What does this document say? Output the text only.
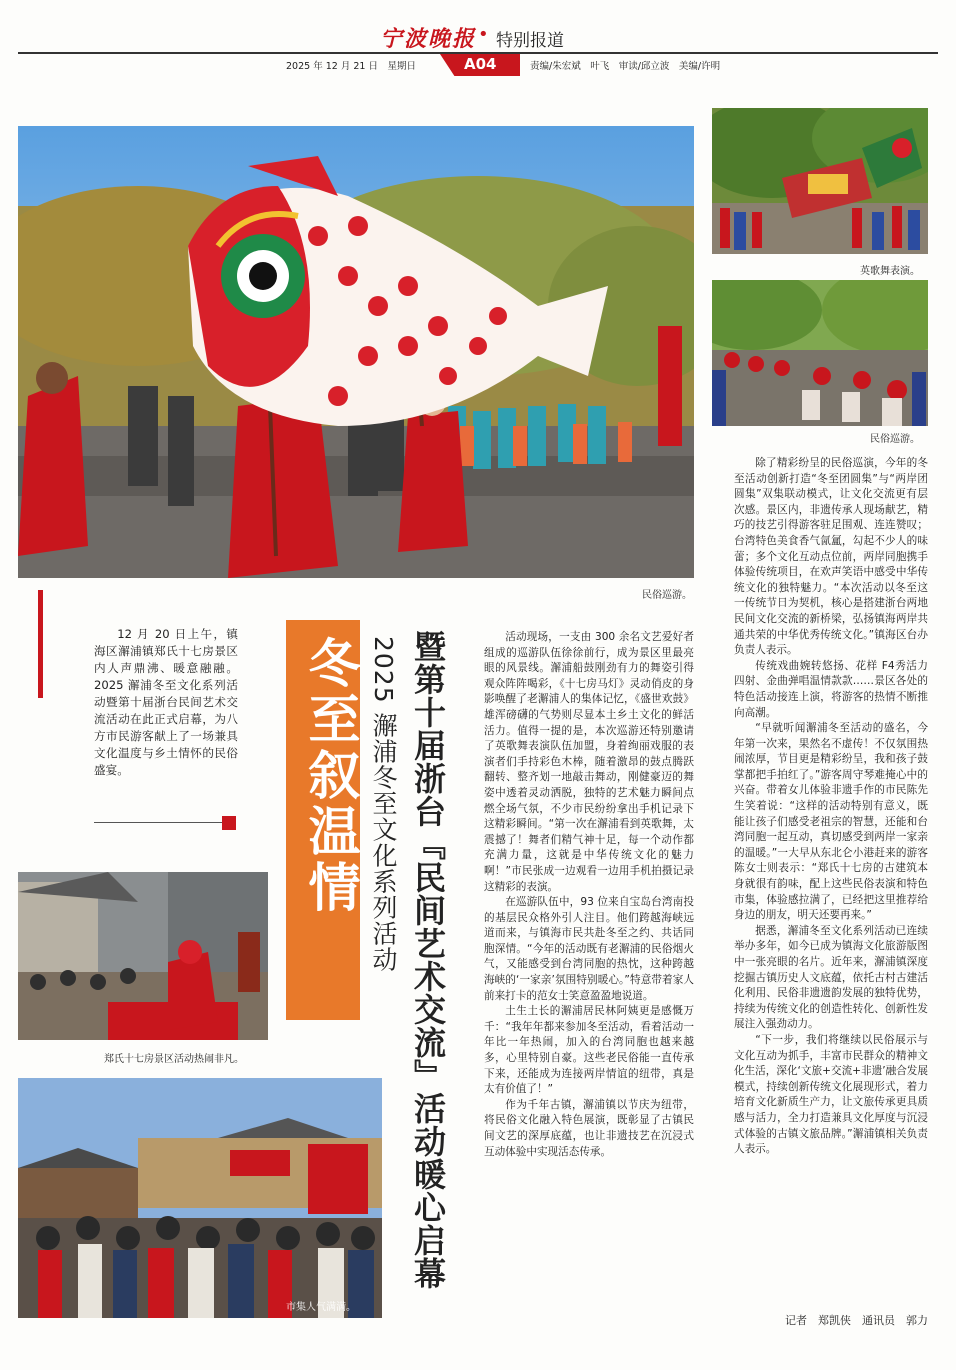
宁波晚报 • 特别报道
2025 年 12 月 21 日　星期日	A04	责编/朱宏斌　叶飞　审读/邱立波　美编/许明
民俗巡游。
英歌舞表演。
民俗巡游。

12 月 20 日上午，镇海区澥浦镇郑氏十七房景区内人声鼎沸、暖意融融。2025 澥浦冬至文化系列活动暨第十届浙台民间艺术交流活动在此正式启幕，为八方市民游客献上了一场兼具文化温度与乡土情怀的民俗盛宴。	冬至叙温情 暨第十届浙台『民间艺术交流』活动暖心启幕
2025 澥浦冬至文化系列活动
郑氏十七房景区活动热闹非凡。
市集人气满满。

活动现场，一支由 300 余名文艺爱好者组成的巡游队伍徐徐前行，成为景区里最亮眼的风景线。澥浦船鼓刚劲有力的舞姿引得观众阵阵喝彩，《十七房马灯》灵动俏皮的身影唤醒了老澥浦人的集体记忆，《盛世欢鼓》雄浑磅礴的气势则尽显本土乡土文化的鲜活活力。值得一提的是，本次巡游还特别邀请了英歌舞表演队伍加盟，身着绚丽戏服的表演者们手持彩色木棒，随着激昂的鼓点腾跃翻转、整齐划一地敲击舞动，刚健豪迈的舞姿中透着灵动洒脱，独特的艺术魅力瞬间点燃全场气氛，不少市民纷纷拿出手机记录下这精彩瞬间。“第一次在澥浦看到英歌舞，太震撼了！舞者们精气神十足，每一个动作都充满力量，这就是中华传统文化的魅力啊！”市民张成一边观看一边用手机拍摄记录这精彩的表演。

在巡游队伍中，93 位来自宝岛台湾南投的基层民众格外引人注目。他们跨越海峡远道而来，与镇海市民共赴冬至之约、共话同胞深情。“今年的活动既有老澥浦的民俗烟火气，又能感受到台湾同胞的热忱，这种跨越海峡的‘一家亲’氛围特别暖心。”特意带着家人前来打卡的范女士笑意盈盈地说道。

土生土长的澥浦居民林阿姨更是感慨万千：“我年年都来参加冬至活动，看着活动一年比一年热闹，加入的台湾同胞也越来越多，心里特别自豪。这些老民俗能一直传承下来，还能成为连接两岸情谊的纽带，真是太有价值了！”

作为千年古镇，澥浦镇以节庆为纽带，将民俗文化融入特色展演，既彰显了古镇民间文艺的深厚底蕴，也让非遗技艺在沉浸式互动体验中实现活态传承。

除了精彩纷呈的民俗巡演，今年的冬至活动创新打造“冬至团圆集”与“两岸团圆集”双集联动模式，让文化交流更有层次感。景区内，非遗传承人现场献艺，精巧的技艺引得游客驻足围观、连连赞叹；台湾特色美食香气氤氲，勾起不少人的味蕾；多个文化互动点位前，两岸同胞携手体验传统项目，在欢声笑语中感受中华传统文化的独特魅力。“本次活动以冬至这一传统节日为契机，核心是搭建浙台两地民间文化交流的新桥梁，弘扬镇海两岸共通共荣的中华优秀传统文化。”镇海区台办负责人表示。

传统戏曲婉转悠扬、花样 F4秀活力四射、金曲弹唱温情款款……景区各处的特色活动接连上演，将游客的热情不断推向高潮。

“早就听闻澥浦冬至活动的盛名，今年第一次来，果然名不虚传！不仅氛围热闹浓厚，节目更是精彩纷呈，我和孩子鼓掌都把手拍红了。”游客周守琴难掩心中的兴奋。带着女儿体验非遗手作的市民陈先生笑着说：“这样的活动特别有意义，既能让孩子们感受老祖宗的智慧，还能和台湾同胞一起互动，真切感受到两岸一家亲的温暖。”一大早从东北仑小港赶来的游客陈女士则表示：“郑氏十七房的古建筑本身就很有韵味，配上这些民俗表演和特色市集，体验感拉满了，已经把这里推荐给身边的朋友，明天还要再来。”

据悉，澥浦冬至文化系列活动已连续举办多年，如今已成为镇海文化旅游版图中一张亮眼的名片。近年来，澥浦镇深度挖掘古镇历史人文底蕴，依托古村古建活化利用、民俗非遗遗韵发展的独特优势，持续为传统文化的创造性转化、创新性发展注入强劲动力。

“下一步，我们将继续以民俗展示与文化互动为抓手，丰富市民群众的精神文化生活，深化‘文旅+交流+非遗’融合发展模式，持续创新传统文化展现形式，着力培育文化新质生产力，让文旅传承更具质感与活力，全力打造兼具文化厚度与沉浸式体验的古镇文旅品牌。”澥浦镇相关负责人表示。

记者　郑凯侠　通讯员　郭力
